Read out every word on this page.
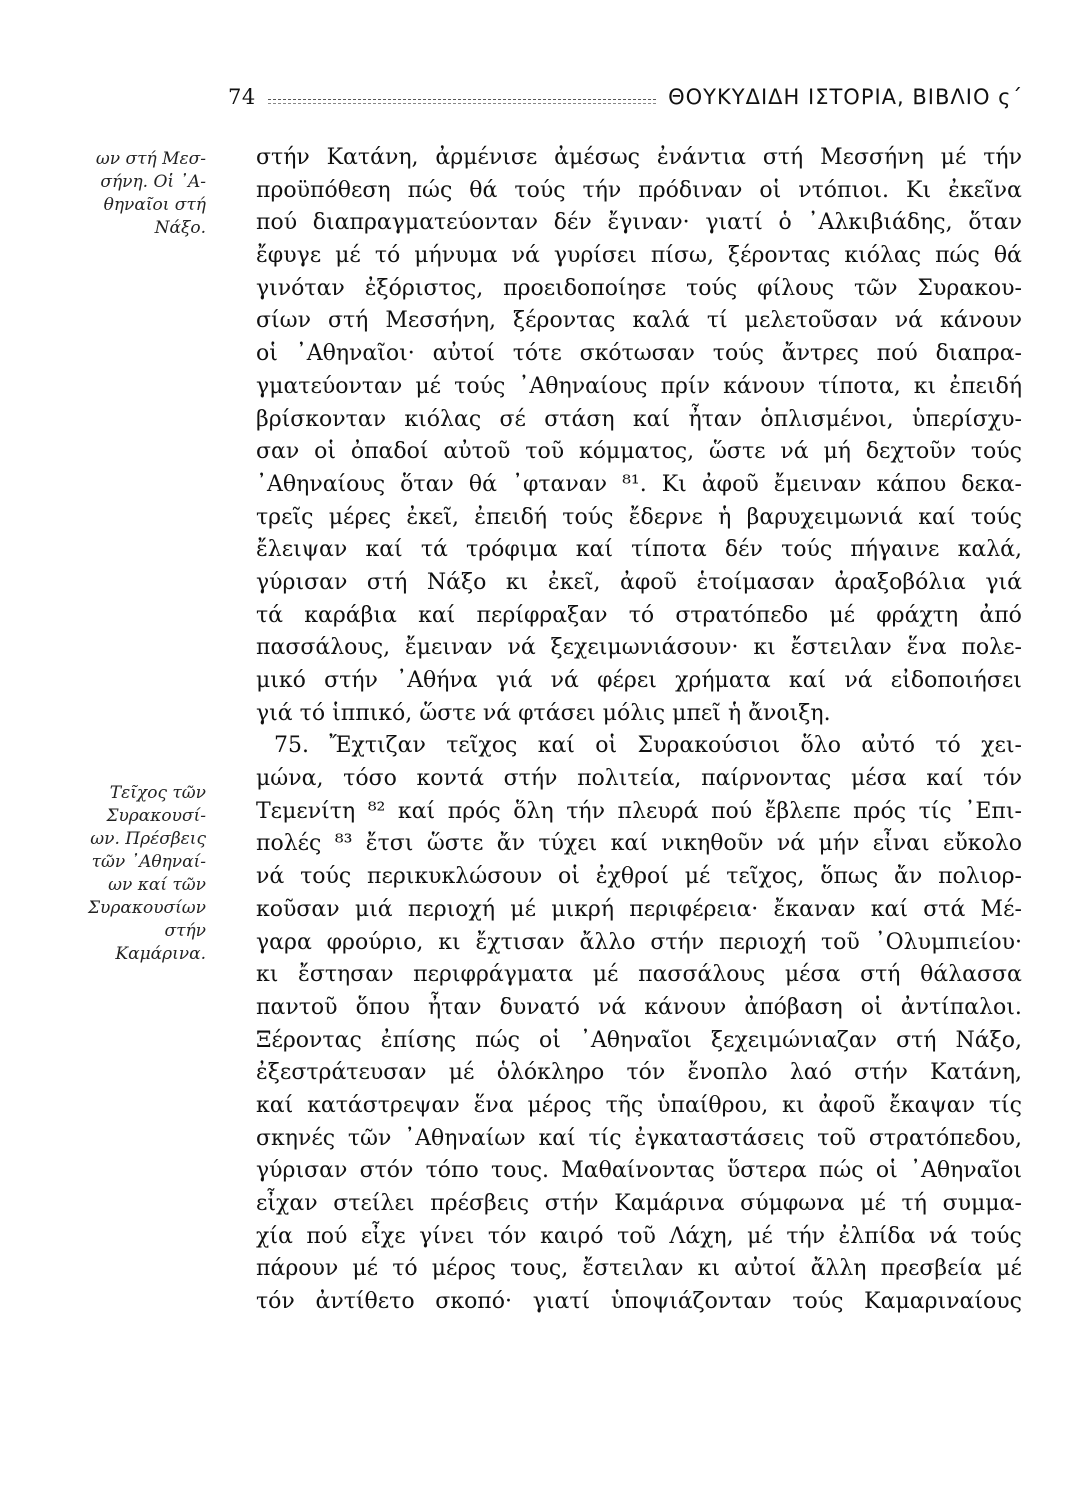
74	ΘΟΥΚΥΔΙΔΗ ΙΣΤΟΡΙΑ, ΒΙΒΛΙΟ ς΄
ων στή Μεσ-
σήνη. Οἱ ᾿Α-
θηναῖοι στή
Νάξο.
Τεῖχος τῶν
Συρακουσί-
ων. Πρέσβεις
τῶν ᾿Αθηναί-
ων καί τῶν
Συρακουσίων
στήν
Καμάρινα.
στήν Κατάνη, ἀρμένισε ἀμέσως ἐνάντια στή Μεσσήνη μέ τήν
προϋπόθεση πώς θά τούς τήν πρόδιναν οἱ ντόπιοι. Κι ἐκεῖνα
πού διαπραγματεύονταν δέν ἔγιναν· γιατί ὁ ᾿Αλκιβιάδης, ὅταν
ἔφυγε μέ τό μήνυμα νά γυρίσει πίσω, ξέροντας κιόλας πώς θά
γινόταν ἐξόριστος, προειδοποίησε τούς φίλους τῶν Συρακου-
σίων στή Μεσσήνη, ξέροντας καλά τί μελετοῦσαν νά κάνουν
οἱ ᾿Αθηναῖοι· αὐτοί τότε σκότωσαν τούς ἄντρες πού διαπρα-
γματεύονταν μέ τούς ᾿Αθηναίους πρίν κάνουν τίποτα, κι ἐπειδή
βρίσκονταν κιόλας σέ στάση καί ἦταν ὁπλισμένοι, ὑπερίσχυ-
σαν οἱ ὀπαδοί αὐτοῦ τοῦ κόμματος, ὥστε νά μή δεχτοῦν τούς
᾿Αθηναίους ὅταν θά ᾿φταναν ⁸¹. Κι ἀφοῦ ἔμειναν κάπου δεκα-
τρεῖς μέρες ἐκεῖ, ἐπειδή τούς ἔδερνε ἡ βαρυχειμωνιά καί τούς
ἔλειψαν καί τά τρόφιμα καί τίποτα δέν τούς πήγαινε καλά,
γύρισαν στή Νάξο κι ἐκεῖ, ἀφοῦ ἑτοίμασαν ἀραξοβόλια γιά
τά καράβια καί περίφραξαν τό στρατόπεδο μέ φράχτη ἀπό
πασσάλους, ἔμειναν νά ξεχειμωνιάσουν· κι ἔστειλαν ἕνα πολε-
μικό στήν ᾿Αθήνα γιά νά φέρει χρήματα καί νά εἰδοποιήσει
γιά τό ἱππικό, ὥστε νά φτάσει μόλις μπεῖ ἡ ἄνοιξη.
75. Ἔχτιζαν τεῖχος καί οἱ Συρακούσιοι ὅλο αὐτό τό χει-
μώνα, τόσο κοντά στήν πολιτεία, παίρνοντας μέσα καί τόν
Τεμενίτη ⁸² καί πρός ὅλη τήν πλευρά πού ἔβλεπε πρός τίς ᾿Επι-
πολές ⁸³ ἔτσι ὥστε ἄν τύχει καί νικηθοῦν νά μήν εἶναι εὔκολο
νά τούς περικυκλώσουν οἱ ἐχθροί μέ τεῖχος, ὅπως ἄν πολιορ-
κοῦσαν μιά περιοχή μέ μικρή περιφέρεια· ἔκαναν καί στά Μέ-
γαρα φρούριο, κι ἔχτισαν ἄλλο στήν περιοχή τοῦ ᾿Ολυμπιείου·
κι ἔστησαν περιφράγματα μέ πασσάλους μέσα στή θάλασσα
παντοῦ ὅπου ἦταν δυνατό νά κάνουν ἀπόβαση οἱ ἀντίπαλοι.
Ξέροντας ἐπίσης πώς οἱ ᾿Αθηναῖοι ξεχειμώνιαζαν στή Νάξο,
ἐξεστράτευσαν μέ ὁλόκληρο τόν ἔνοπλο λαό στήν Κατάνη,
καί κατάστρεψαν ἕνα μέρος τῆς ὑπαίθρου, κι ἀφοῦ ἔκαψαν τίς
σκηνές τῶν ᾿Αθηναίων καί τίς ἐγκαταστάσεις τοῦ στρατόπεδου,
γύρισαν στόν τόπο τους. Μαθαίνοντας ὕστερα πώς οἱ ᾿Αθηναῖοι
εἶχαν στείλει πρέσβεις στήν Καμάρινα σύμφωνα μέ τή συμμα-
χία πού εἶχε γίνει τόν καιρό τοῦ Λάχη, μέ τήν ἐλπίδα νά τούς
πάρουν μέ τό μέρος τους, ἔστειλαν κι αὐτοί ἄλλη πρεσβεία μέ
τόν ἀντίθετο σκοπό· γιατί ὑποψιάζονταν τούς Καμαριναίους
